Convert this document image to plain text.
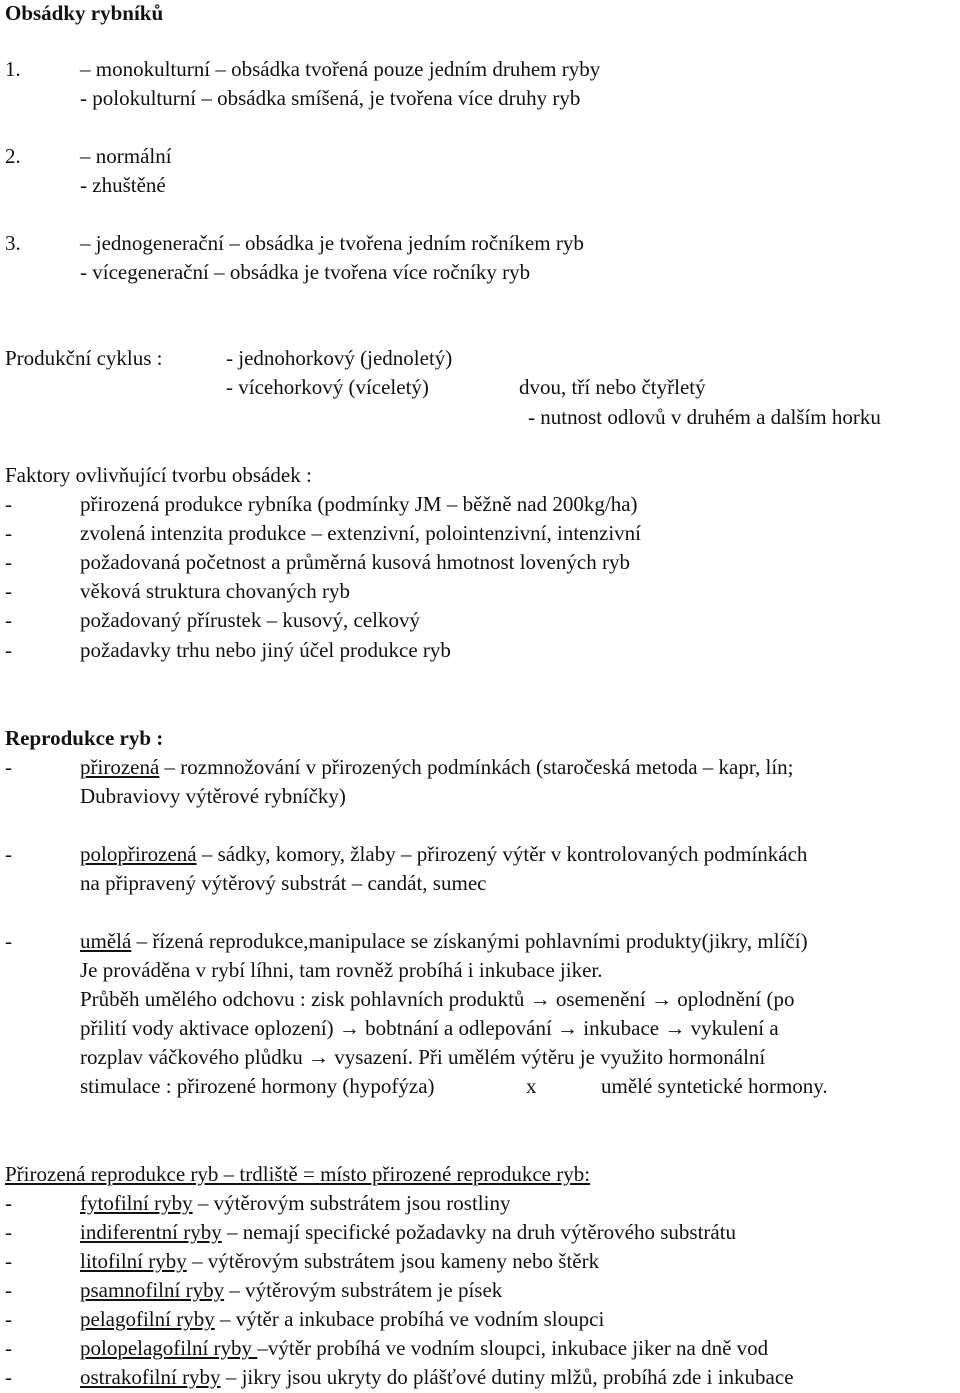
Obsádky rybníků
1.	– monokulturní – obsádka tvořená pouze jedním druhem ryby
- polokulturní – obsádka smíšená, je tvořena více druhy ryb
2.	– normální
- zhuštěné
3.	– jednogenerační – obsádka je tvořena jedním ročníkem ryb
- vícegenerační – obsádka je tvořena více ročníky ryb
Produkční cyklus :	- jednohorkový (jednoletý)
- vícehorkový (víceletý)	dvou, tří nebo čtyřletý
- nutnost odlovů v druhém a dalším horku
Faktory ovlivňující tvorbu obsádek :
-	přirozená produkce rybníka (podmínky JM – běžně nad 200kg/ha)
-	zvolená intenzita produkce – extenzivní, polointenzivní, intenzivní
-	požadovaná početnost a průměrná kusová hmotnost lovených ryb
-	věková struktura chovaných ryb
-	požadovaný přírustek – kusový, celkový
-	požadavky trhu nebo jiný účel produkce ryb
Reprodukce ryb :
-	přirozená – rozmnožování v přirozených podmínkách (staročeská metoda – kapr, lín;
Dubraviovy výtěrové rybníčky)
-	polopřirozená – sádky, komory, žlaby – přirozený výtěr v kontrolovaných podmínkách
na připravený výtěrový substrát – candát, sumec
-	umělá – řízená reprodukce,manipulace se získanými pohlavními produkty(jikry, mlíčí)
Je prováděna v rybí líhni, tam rovněž probíhá i inkubace jiker.
Průběh umělého odchovu : zisk pohlavních produktů → osemenění → oplodnění (po
přilití vody aktivace oplození) → bobtnání a odlepování → inkubace → vykulení a
rozplav váčkového plůdku → vysazení. Při umělém výtěru je využito hormonální
stimulace : přirozené hormony (hypofýza)	x	umělé syntetické hormony.
Přirozená reprodukce ryb – trdliště = místo přirozené reprodukce ryb:
-	fytofilní ryby – výtěrovým substrátem jsou rostliny
-	indiferentní ryby – nemají specifické požadavky na druh výtěrového substrátu
-	litofilní ryby – výtěrovým substrátem jsou kameny nebo štěrk
-	psamnofilní ryby – výtěrovým substrátem je písek
-	pelagofilní ryby – výtěr a inkubace probíhá ve vodním sloupci
-	polopelagofilní ryby –výtěr probíhá ve vodním sloupci, inkubace jiker na dně vod
-	ostrakofilní ryby – jikry jsou ukryty do plášťové dutiny mlžů, probíhá zde i inkubace
